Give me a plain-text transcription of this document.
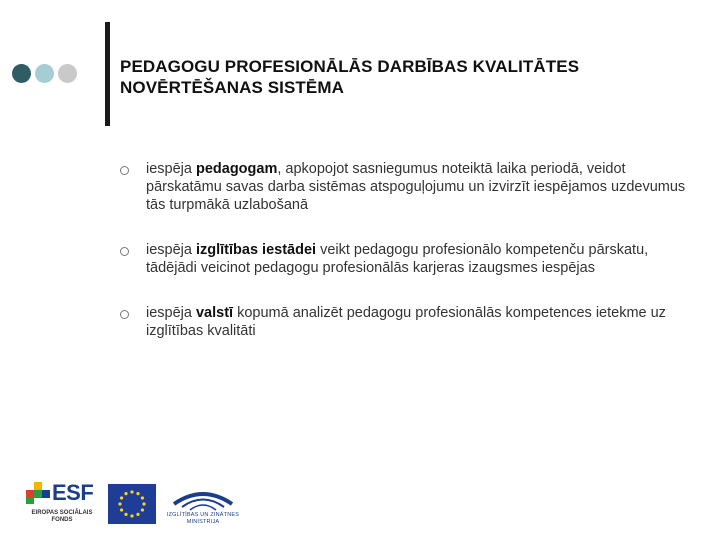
PEDAGOGU PROFESIONĀLĀS DARBĪBAS KVALITĀTES NOVĒRTĒŠANAS SISTĒMA
iespēja pedagogam, apkopojot sasniegumus noteiktā laika periodā, veidot pārskatāmu savas darba sistēmas atspoguļojumu un izvirzīt iespējamos uzdevumus tās turpmākā uzlabošanā
iespēja izglītības iestādei veikt pedagogu profesionālo kompetenču pārskatu, tādējādi veicinot pedagogu profesionālās karjeras izaugsmes iespējas
iespēja valstī kopumā analizēt pedagogu profesionālās kompetences ietekme uz izglītības kvalitāti
ESF
EIROPAS SOCIĀLAIS FONDS
IZGLĪTĪBAS UN ZINĀTNES MINISTRIJA
